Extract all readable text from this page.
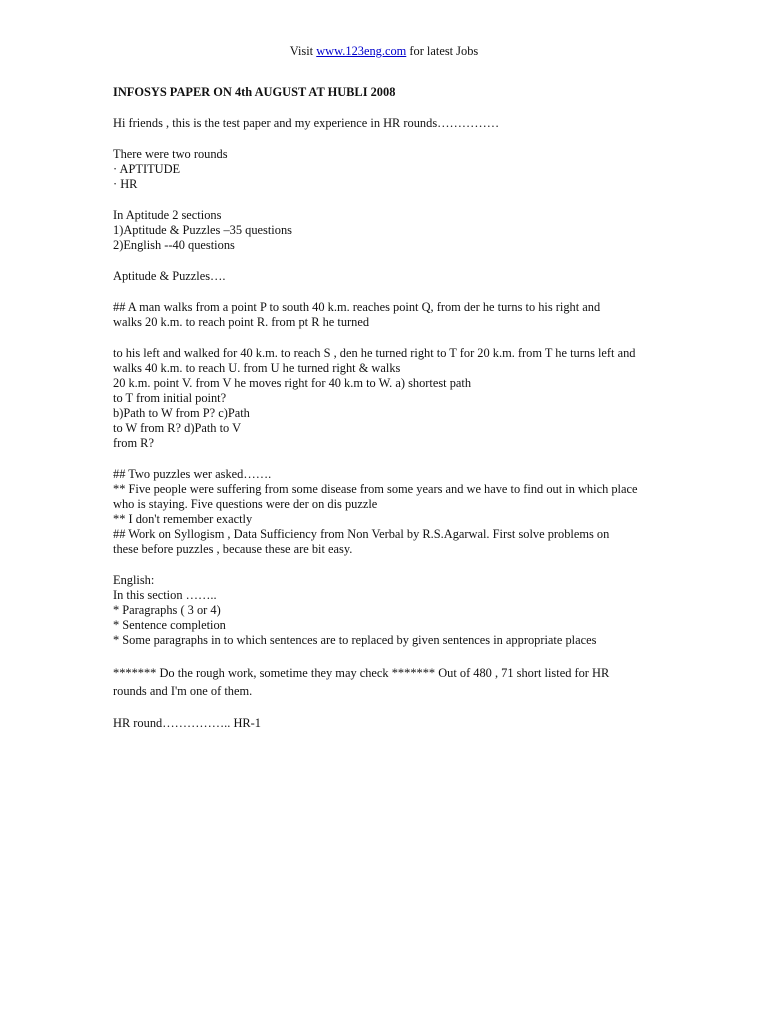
Visit www.123eng.com for latest Jobs
INFOSYS PAPER ON 4th AUGUST AT HUBLI 2008
Hi friends , this is the test paper and my experience in HR rounds……………
There were two rounds
· APTITUDE
· HR
In Aptitude 2 sections
1)Aptitude & Puzzles –35 questions
2)English --40 questions
Aptitude & Puzzles….
## A man walks from a point P to south 40 k.m. reaches point Q, from der he turns to his right and
walks 20 k.m. to reach point R. from pt R he turned
to his left and walked for 40 k.m. to reach S , den he turned right to T for 20 k.m. from T he turns left and
walks 40 k.m. to reach U. from U he turned right & walks
20 k.m. point V. from V he moves right for 40 k.m to W. a) shortest path
to T from initial point?
b)Path to W from P? c)Path
to W from R? d)Path to V
from R?
## Two puzzles wer asked…….
** Five people were suffering from some disease from some years and we have to find out in which place
who is staying. Five questions were der on dis puzzle
** I don't remember exactly
## Work on Syllogism , Data Sufficiency from Non Verbal by R.S.Agarwal. First solve problems on
these before puzzles , because these are bit easy.
English:
In this section ……..
* Paragraphs ( 3 or 4)
* Sentence completion
* Some paragraphs in to which sentences are to replaced by given sentences in appropriate places
******* Do the rough work, sometime they may check ******* Out of 480 , 71 short listed for HR
rounds and I'm one of them.
HR round…………….. HR-1
